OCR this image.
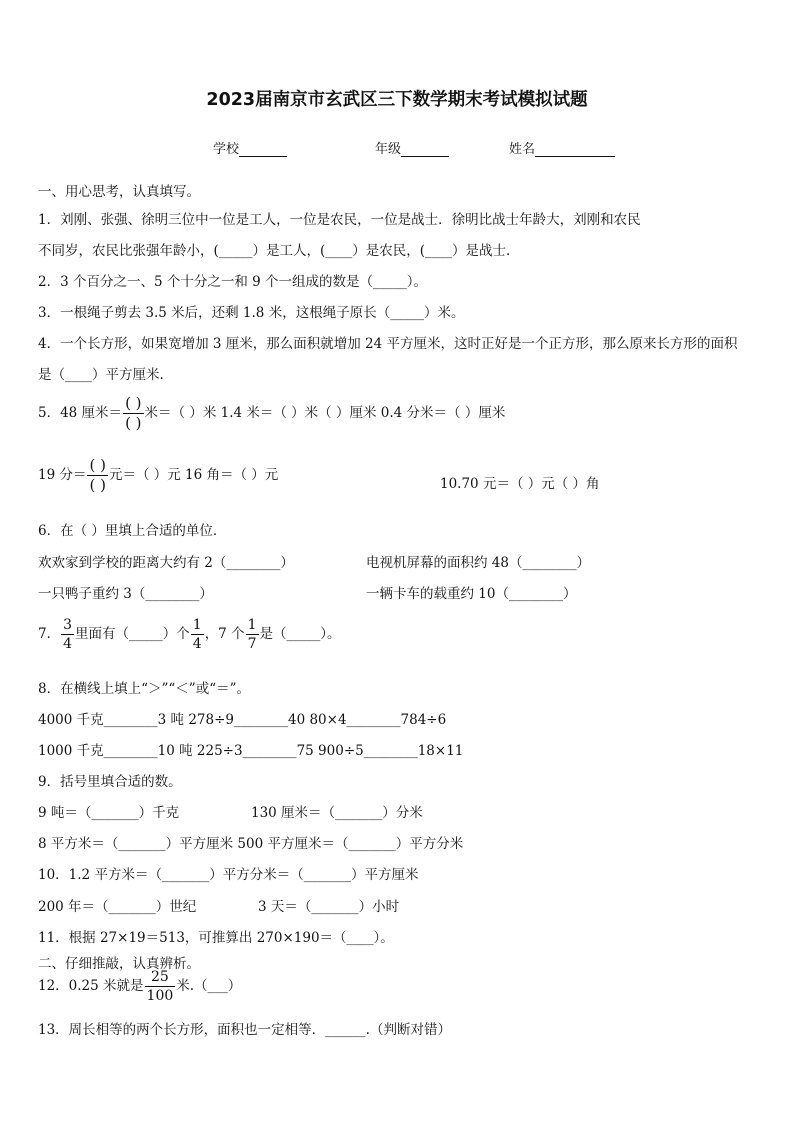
2023届南京市玄武区三下数学期末考试模拟试题
学校	年级	姓名
一、用心思考，认真填写。
1．刘刚、张强、徐明三位中一位是工人，一位是农民，一位是战士．徐明比战士年龄大，刘刚和农民
不同岁，农民比张强年龄小，(_____）是工人，(____）是农民，(____）是战士．
2．3 个百分之一、5 个十分之一和 9 个一组成的数是（_____）。
3．一根绳子剪去 3.5 米后，还剩 1.8 米，这根绳子原长（_____）米。
4．一个长方形，如果宽增加 3 厘米，那么面积就增加 24 平方厘米，这时正好是一个正方形，那么原来长方形的面积
是（____）平方厘米.
5．48 厘米＝ $\frac{( )}{( )}$ 米＝（ ）米 1.4 米＝（ ）米（ ）厘米 0.4 分米＝（ ）厘米
19 分＝ $\frac{( )}{( )}$ 元＝（ ）元 16 角＝（ ）元
10.70 元＝（ ）元（ ）角
6．在（ ）里填上合适的单位．
欢欢家到学校的距离大约有 2（________）	电视机屏幕的面积约 48（________）
一只鸭子重约 3（________）	一辆卡车的载重约 10（________）
7． $\frac{3}{4}$ 里面有（_____）个 $\frac{1}{4}$ ，7 个 $\frac{1}{7}$ 是（_____）。
8．在横线上填上“＞”“＜”或“＝”。
4000 千克________3 吨 278÷9________40 80×4________784÷6
1000 千克________10 吨 225÷3________75 900÷5________18×11
9．括号里填合适的数。
9 吨＝（_______）千克	130 厘米＝（_______）分米
8 平方米＝（_______）平方厘米 500 平方厘米＝（_______）平方分米
10．1.2 平方米＝（_______）平方分米＝（_______）平方厘米
200 年＝（_______）世纪	3 天＝（_______）小时
11．根据 27×19＝513，可推算出 270×190＝（____）。
二、仔细推敲，认真辨析。
12．0.25 米就是 $\frac{25}{100}$ 米.（___）
13．周长相等的两个长方形，面积也一定相等．______.（判断对错）
